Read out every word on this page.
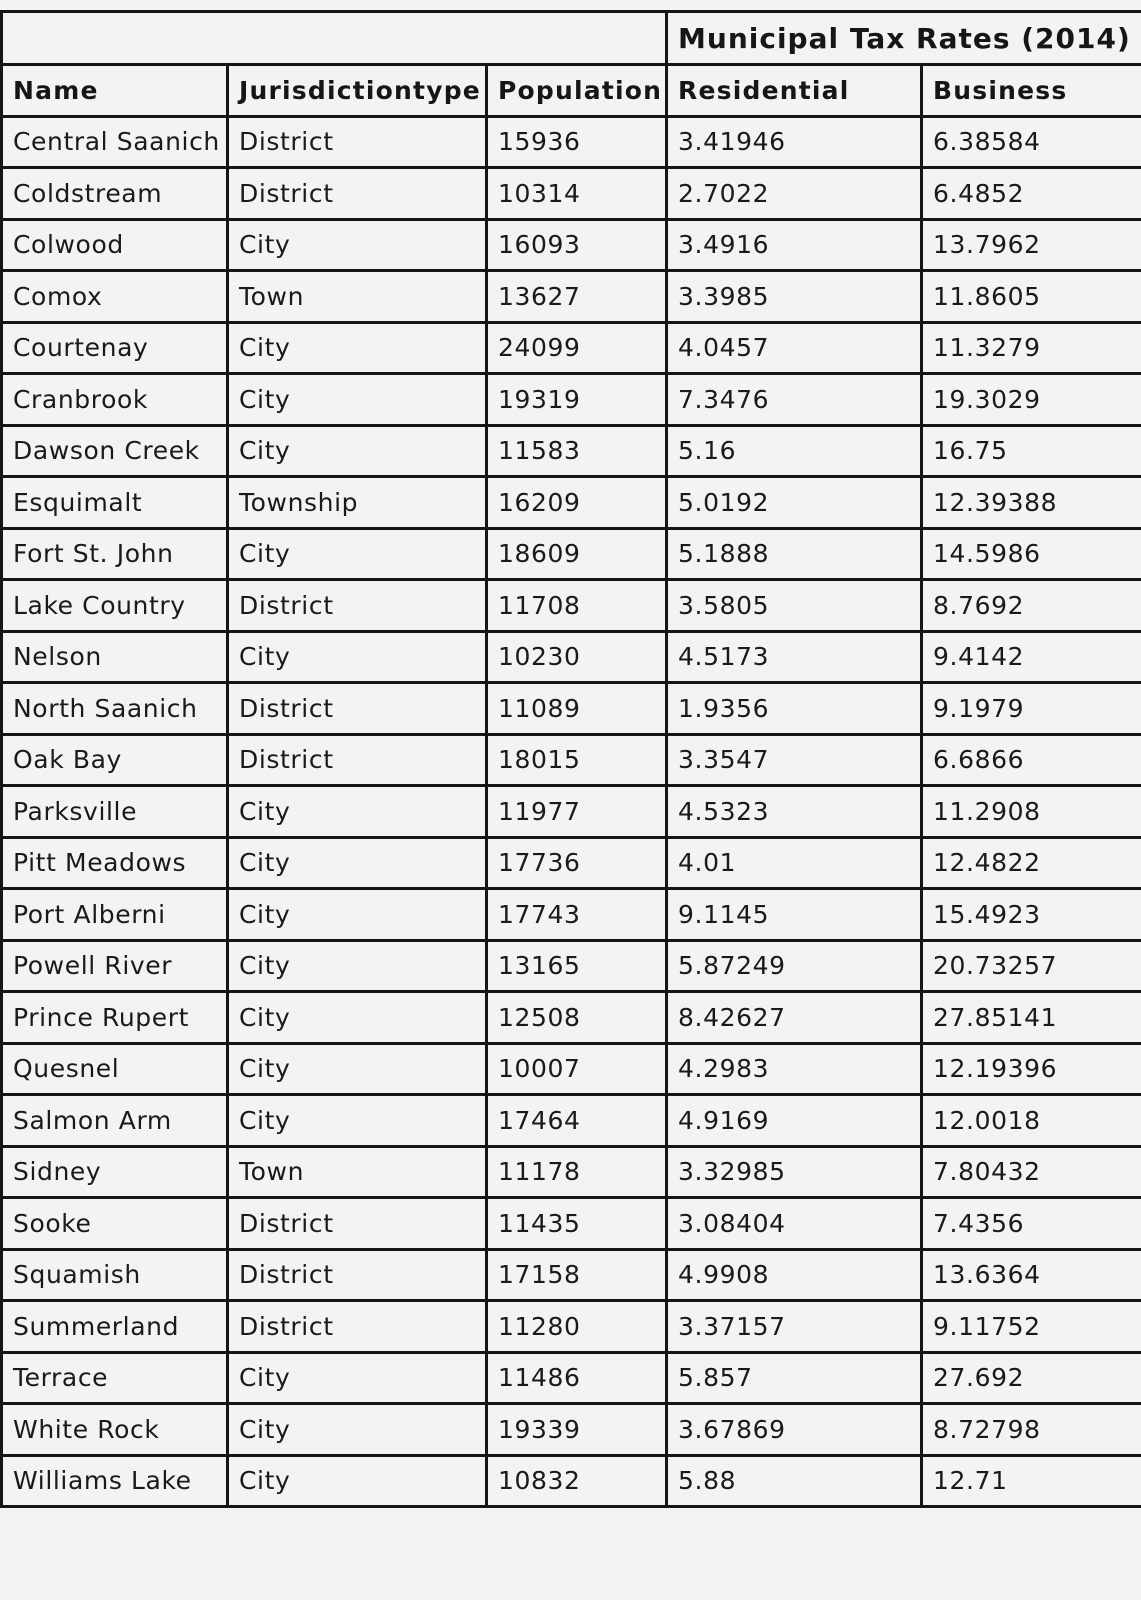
			Municipal Tax Rates (2014)	
Name	Jurisdictiontype	Population	Residential	Business
Central Saanich	District	15936	3.41946	6.38584
Coldstream	District	10314	2.7022	6.4852
Colwood	City	16093	3.4916	13.7962
Comox	Town	13627	3.3985	11.8605
Courtenay	City	24099	4.0457	11.3279
Cranbrook	City	19319	7.3476	19.3029
Dawson Creek	City	11583	5.16	16.75
Esquimalt	Township	16209	5.0192	12.39388
Fort St. John	City	18609	5.1888	14.5986
Lake Country	District	11708	3.5805	8.7692
Nelson	City	10230	4.5173	9.4142
North Saanich	District	11089	1.9356	9.1979
Oak Bay	District	18015	3.3547	6.6866
Parksville	City	11977	4.5323	11.2908
Pitt Meadows	City	17736	4.01	12.4822
Port Alberni	City	17743	9.1145	15.4923
Powell River	City	13165	5.87249	20.73257
Prince Rupert	City	12508	8.42627	27.85141
Quesnel	City	10007	4.2983	12.19396
Salmon Arm	City	17464	4.9169	12.0018
Sidney	Town	11178	3.32985	7.80432
Sooke	District	11435	3.08404	7.4356
Squamish	District	17158	4.9908	13.6364
Summerland	District	11280	3.37157	9.11752
Terrace	City	11486	5.857	27.692
White Rock	City	19339	3.67869	8.72798
Williams Lake	City	10832	5.88	12.71
